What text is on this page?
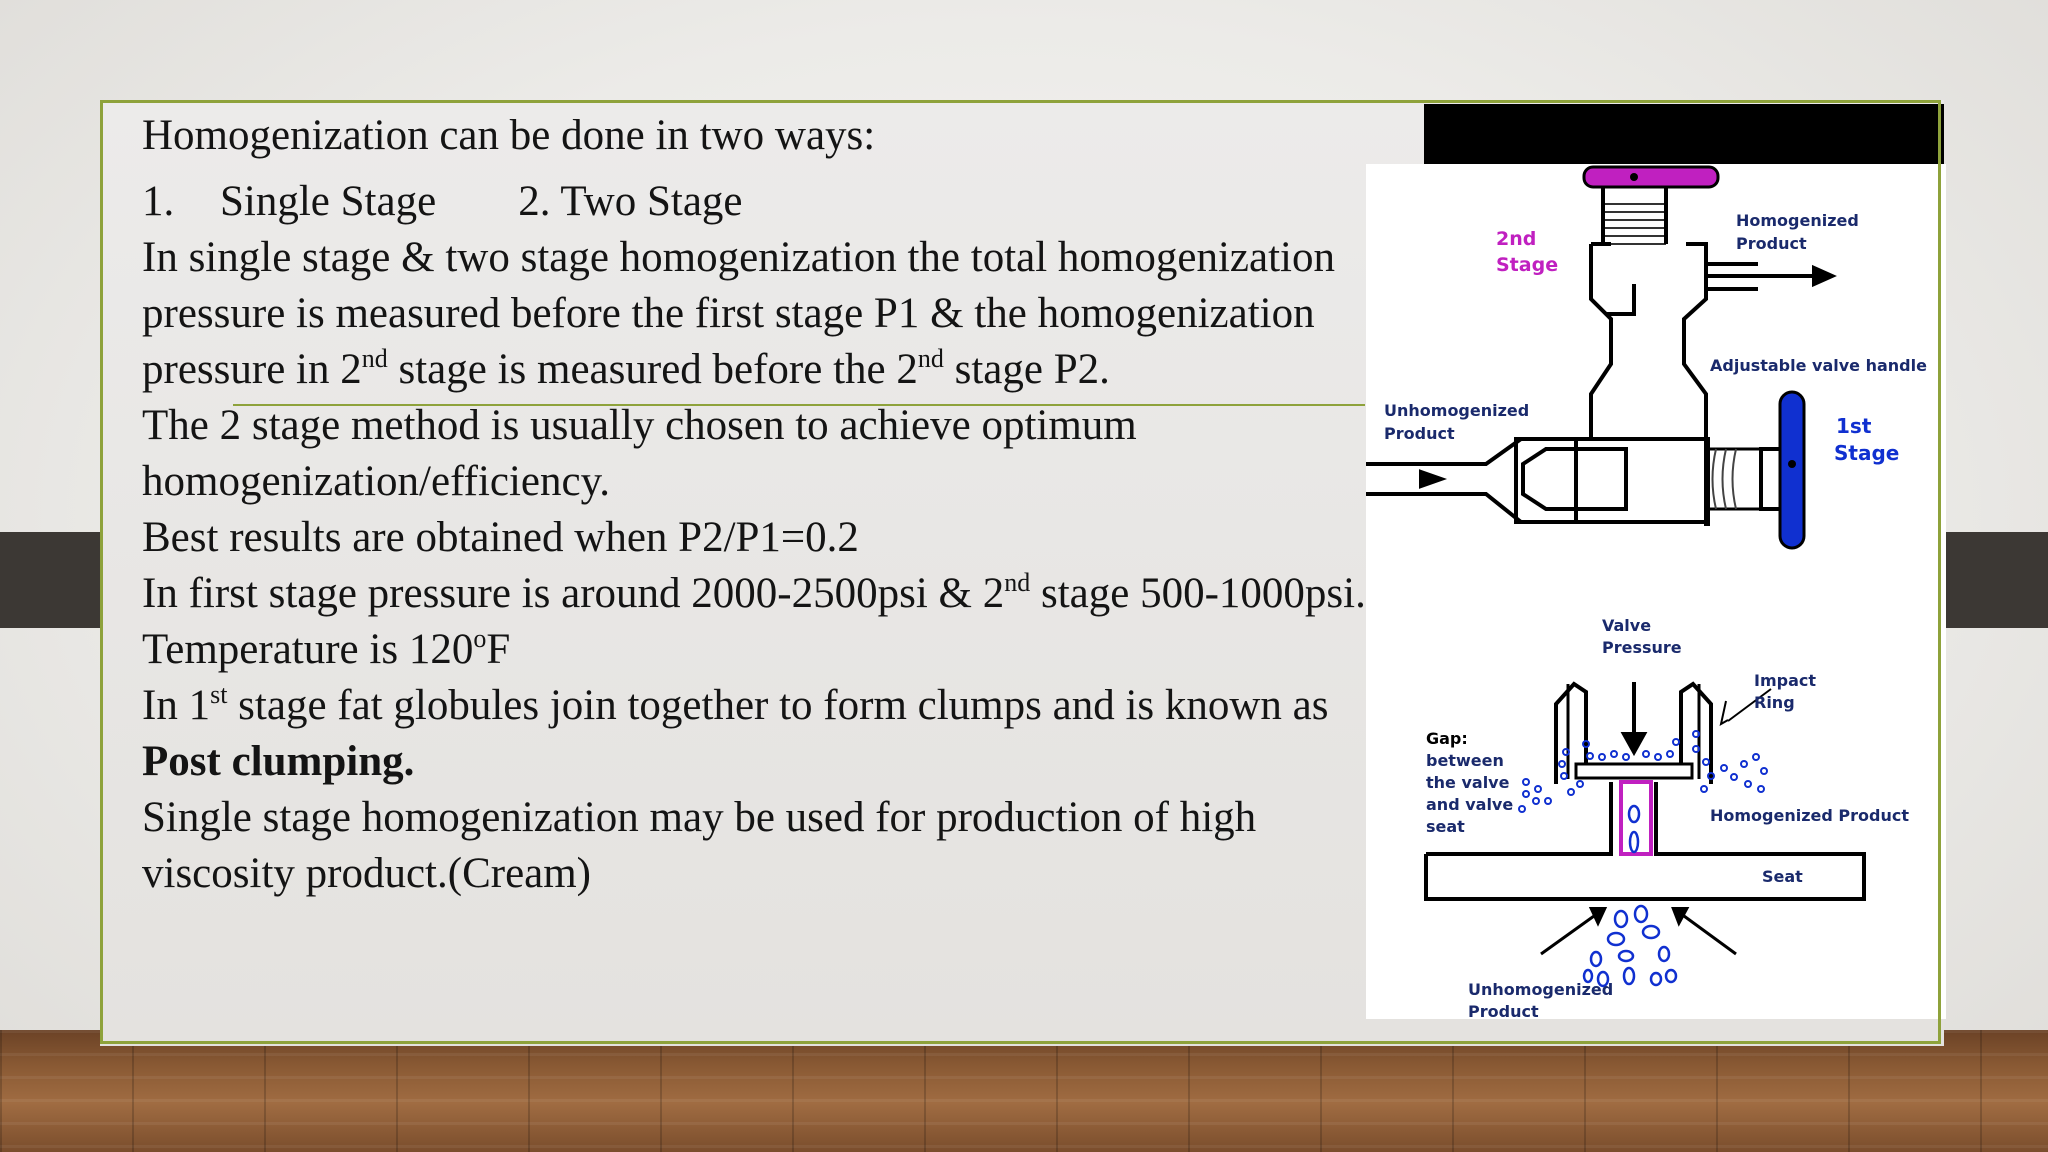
Homogenization can be done in two ways:

1.	Single Stage 2. Two Stage

In single stage & two stage homogenization the total homogenization pressure is measured before the first stage P1 & the homogenization pressure in 2nd stage is measured before the 2nd stage P2.

The 2 stage method is usually chosen to achieve optimum homogenization/efficiency.

Best results are obtained when P2/P1=0.2

In first stage pressure is around 2000-2500psi & 2nd stage 500-1000psi.

Temperature is 120$^o$F

In 1st stage fat globules join together to form clumps and is known as Post clumping.

Single stage homogenization may be used for production of high viscosity product.(Cream)

2nd
Stage
Homogenized
Product
Adjustable valve handle
Unhomogenized
Product	1st
Stage
Valve
Pressure
Impact
Ring
Gap:
between
the valve
and valve
seat
Homogenized Product
Seat
Unhomogenized
Product
